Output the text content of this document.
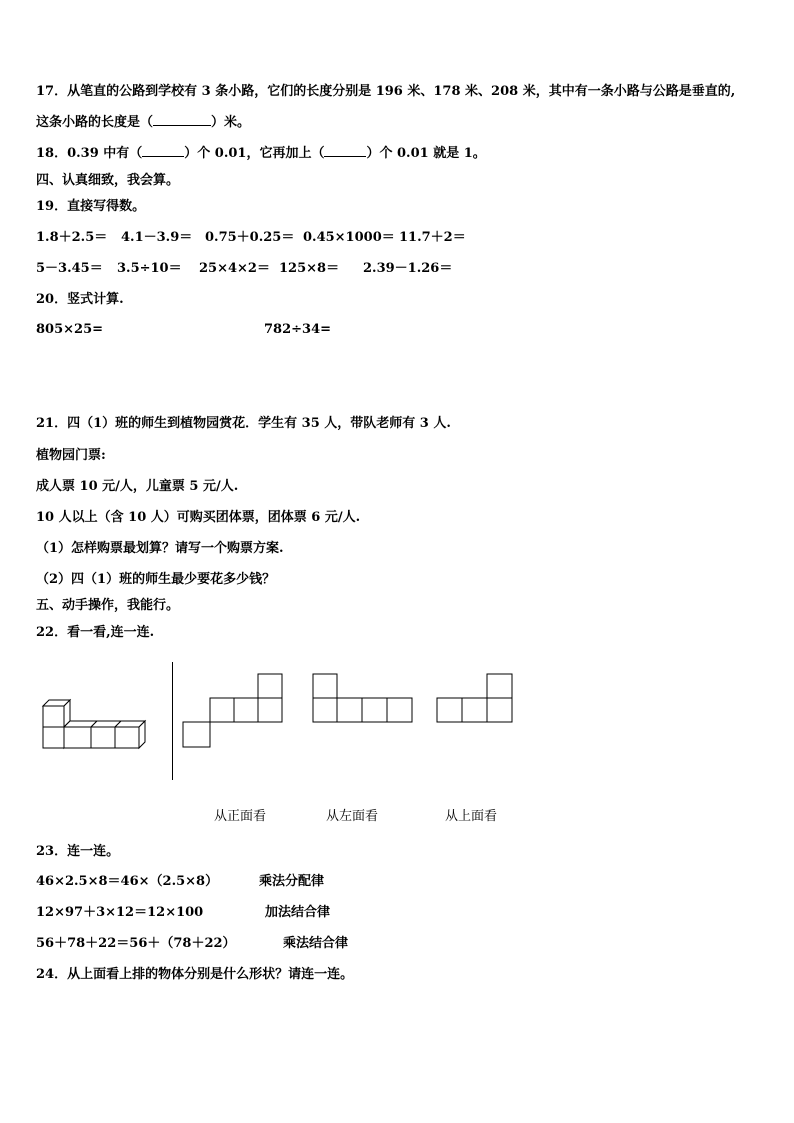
17．从笔直的公路到学校有 3 条小路，它们的长度分别是 196 米、178 米、208 米，其中有一条小路与公路是垂直的,
这条小路的长度是（	）米。
18．0.39 中有（	）个 0.01，它再加上（	）个 0.01 就是 1。
四、认真细致，我会算。
19．直接写得数。
1.8＋2.5＝ 4.1－3.9＝ 0.75＋0.25＝ 0.45×1000＝ 11.7＋2＝
5－3.45＝ 3.5÷10＝ 25×4×2＝ 125×8＝ 2.39－1.26＝
20．竖式计算.
805×25=	782÷34=
21．四（1）班的师生到植物园赏花．学生有 35 人，带队老师有 3 人.
植物园门票:
成人票 10 元/人，儿童票 5 元/人.
10 人以上（含 10 人）可购买团体票，团体票 6 元/人.
（1）怎样购票最划算？请写一个购票方案.
（2）四（1）班的师生最少要花多少钱？
五、动手操作，我能行。
22．看一看,连一连.
从正面看	从左面看	从上面看
23．连一连。
46×2.5×8＝46×（2.5×8）	乘法分配律
12×97＋3×12＝12×100	加法结合律
56＋78＋22＝56＋（78＋22）	乘法结合律
24．从上面看上排的物体分别是什么形状？请连一连。
